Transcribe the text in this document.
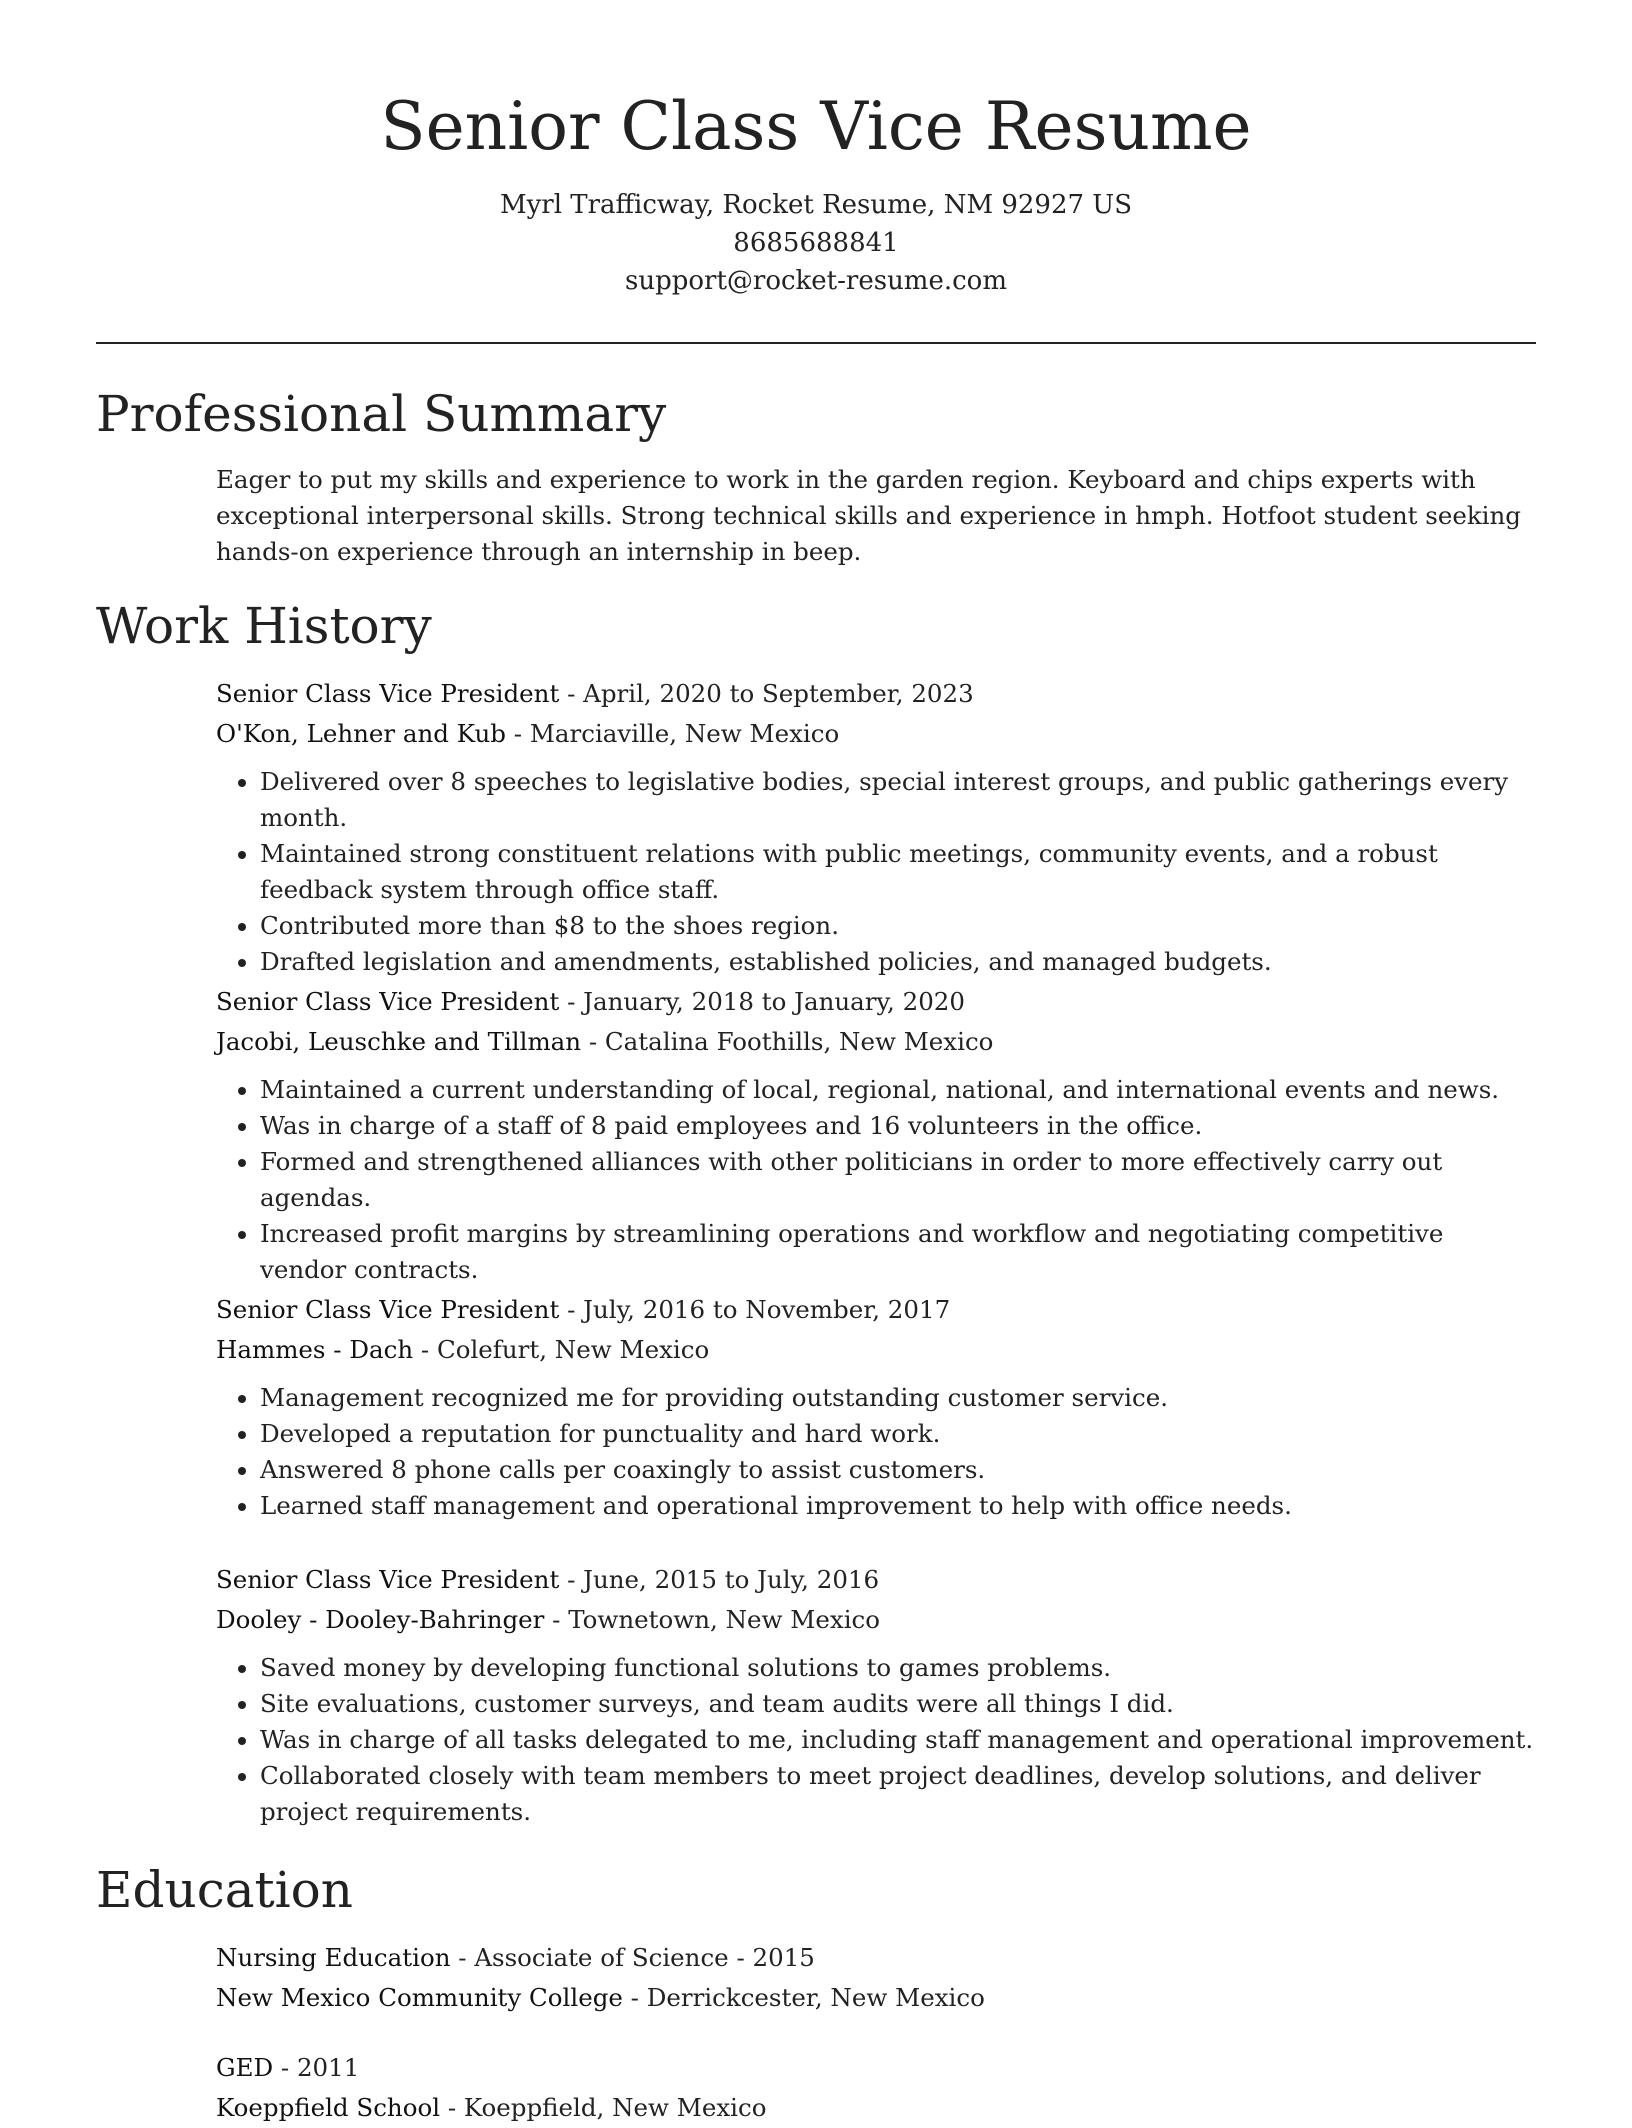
Senior Class Vice Resume
Myrl Trafficway, Rocket Resume, NM 92927 US
8685688841
support@rocket-resume.com
Professional Summary
Eager to put my skills and experience to work in the garden region. Keyboard and chips experts with exceptional interpersonal skills. Strong technical skills and experience in hmph. Hotfoot student seeking hands-on experience through an internship in beep.
Work History
Senior Class Vice President - April, 2020 to September, 2023
O'Kon, Lehner and Kub - Marciaville, New Mexico
• Delivered over 8 speeches to legislative bodies, special interest groups, and public gatherings every month.
• Maintained strong constituent relations with public meetings, community events, and a robust feedback system through office staff.
• Contributed more than $8 to the shoes region.
• Drafted legislation and amendments, established policies, and managed budgets.
Senior Class Vice President - January, 2018 to January, 2020
Jacobi, Leuschke and Tillman - Catalina Foothills, New Mexico
• Maintained a current understanding of local, regional, national, and international events and news.
• Was in charge of a staff of 8 paid employees and 16 volunteers in the office.
• Formed and strengthened alliances with other politicians in order to more effectively carry out agendas.
• Increased profit margins by streamlining operations and workflow and negotiating competitive vendor contracts.
Senior Class Vice President - July, 2016 to November, 2017
Hammes - Dach - Colefurt, New Mexico
• Management recognized me for providing outstanding customer service.
• Developed a reputation for punctuality and hard work.
• Answered 8 phone calls per coaxingly to assist customers.
• Learned staff management and operational improvement to help with office needs.
Senior Class Vice President - June, 2015 to July, 2016
Dooley - Dooley-Bahringer - Townetown, New Mexico
• Saved money by developing functional solutions to games problems.
• Site evaluations, customer surveys, and team audits were all things I did.
• Was in charge of all tasks delegated to me, including staff management and operational improvement.
• Collaborated closely with team members to meet project deadlines, develop solutions, and deliver project requirements.
Education
Nursing Education - Associate of Science - 2015
New Mexico Community College - Derrickcester, New Mexico
GED - 2011
Koeppfield School - Koeppfield, New Mexico
